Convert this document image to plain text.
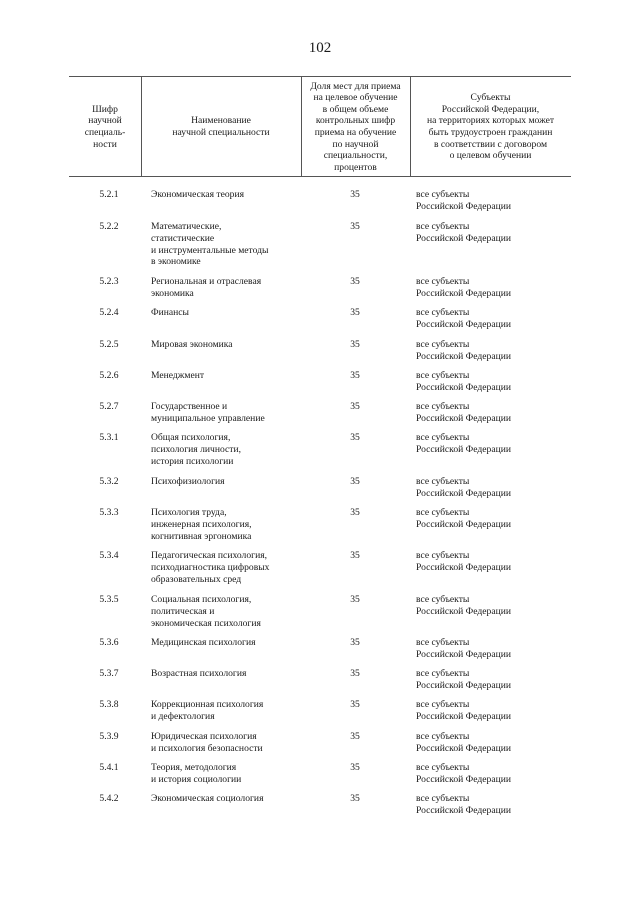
102
Шифр
научной
специаль-
ности
Наименование
научной специальности
Доля мест для приема
на целевое обучение
в общем объеме
контрольных шифр
приема на обучение
по научной
специальности,
процентов
Субъекты
Российской Федерации,
на территориях которых может
быть трудоустроен гражданин
в соответствии с договором
о целевом обучении
5.2.1	Экономическая теория	35	все субъекты
Российской Федерации
5.2.2	Математические,
статистические
и инструментальные методы
в экономике
35	все субъекты
Российской Федерации
5.2.3	Региональная и отраслевая
экономика
35	все субъекты
Российской Федерации
5.2.4	Финансы	35	все субъекты
Российской Федерации
5.2.5	Мировая экономика	35	все субъекты
Российской Федерации
5.2.6	Менеджмент	35	все субъекты
Российской Федерации
5.2.7	Государственное и
муниципальное управление
35	все субъекты
Российской Федерации
5.3.1	Общая психология,
психология личности,
история психологии
35	все субъекты
Российской Федерации
5.3.2	Психофизиология	35	все субъекты
Российской Федерации
5.3.3	Психология труда,
инженерная психология,
когнитивная эргономика
35	все субъекты
Российской Федерации
5.3.4	Педагогическая психология,
психодиагностика цифровых
образовательных сред
35	все субъекты
Российской Федерации
5.3.5	Социальная психология,
политическая и
экономическая психология
35	все субъекты
Российской Федерации
5.3.6	Медицинская психология	35	все субъекты
Российской Федерации
5.3.7	Возрастная психология	35	все субъекты
Российской Федерации
5.3.8	Коррекционная психология
и дефектология
35	все субъекты
Российской Федерации
5.3.9	Юридическая психология
и психология безопасности
35	все субъекты
Российской Федерации
5.4.1	Теория, методология
и история социологии
35	все субъекты
Российской Федерации
5.4.2	Экономическая социология	35	все субъекты
Российской Федерации
